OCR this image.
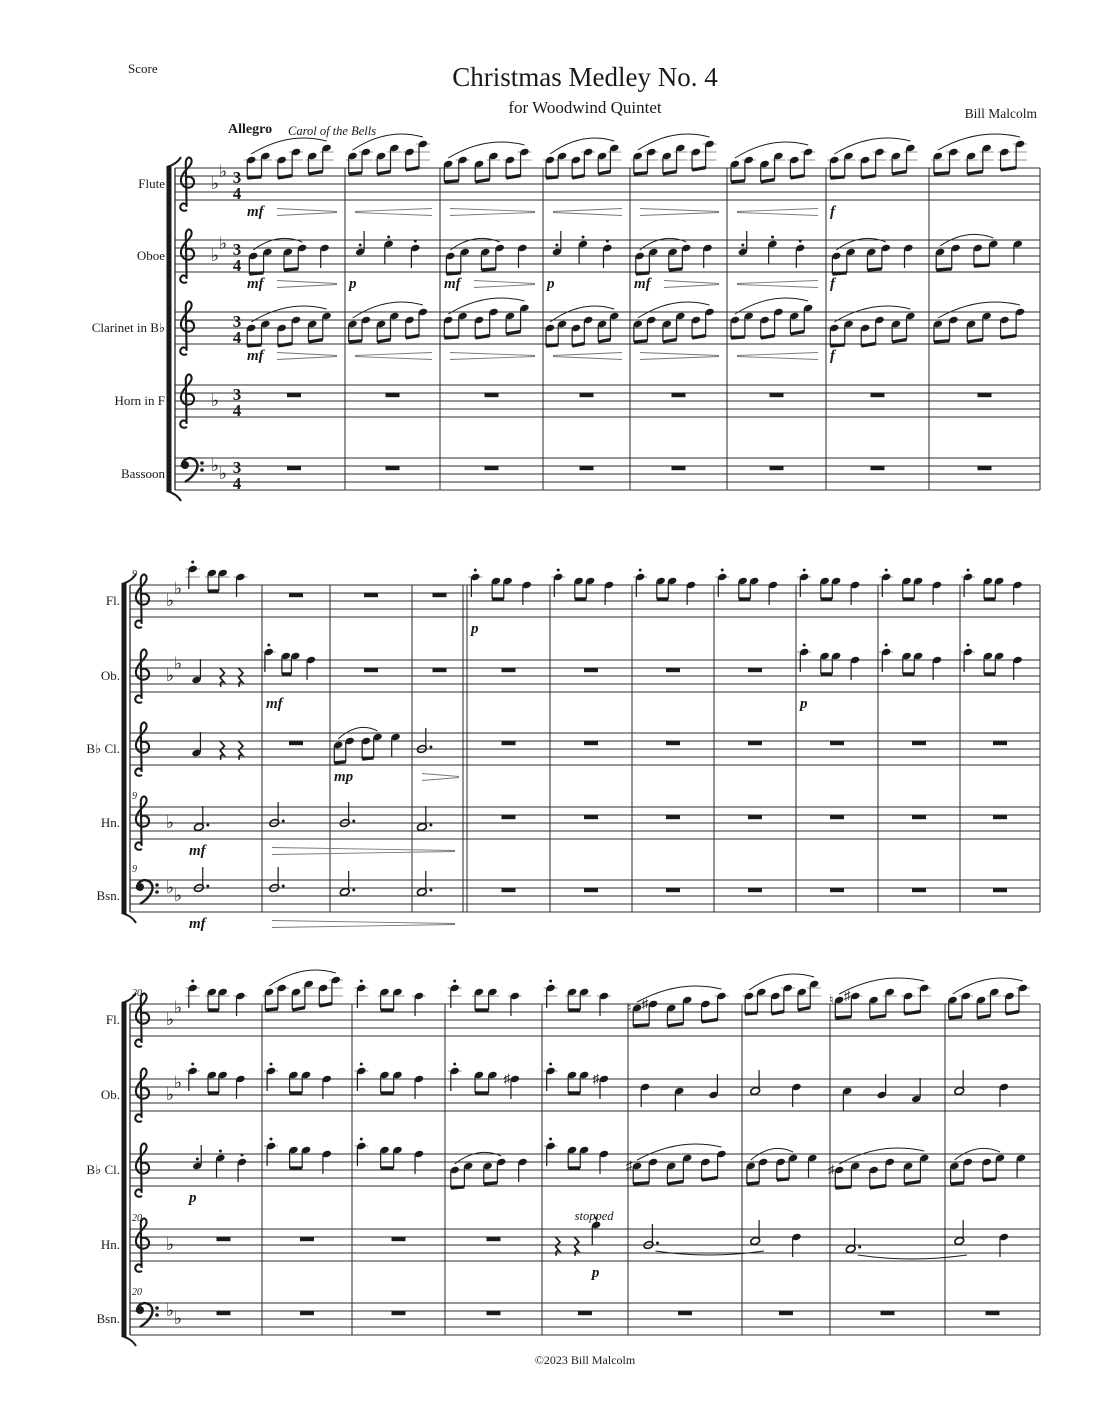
♭
♭ 3
4
♭
♭ 3
4
3
4
♭ 3
4
♭ ♭ 3
4
♭
♭
♭
♭
♭
♭ ♭
♭
♭	♮ ♯	♮ ♯
♭
♭	♯	♯
♯	♯
♭
♭ ♭
Score	Christmas Medley No. 4
for Woodwind Quintet	Bill Malcolm
Allegro Carol of the Bells
©2023 Bill Malcolm
mf	f
Flute
mf	p	mf	p	mf	f
Oboe
mf	f
Clarinet in B♭
Horn in F
Bassoon
p
9
Fl.
mf	p
Ob.
mp
B♭ Cl.
mf
9
Hn.
mf
9
Bsn.
20
Fl.
Ob.
p
B♭ Cl.
p
stopped
20
Hn.
20
Bsn.
